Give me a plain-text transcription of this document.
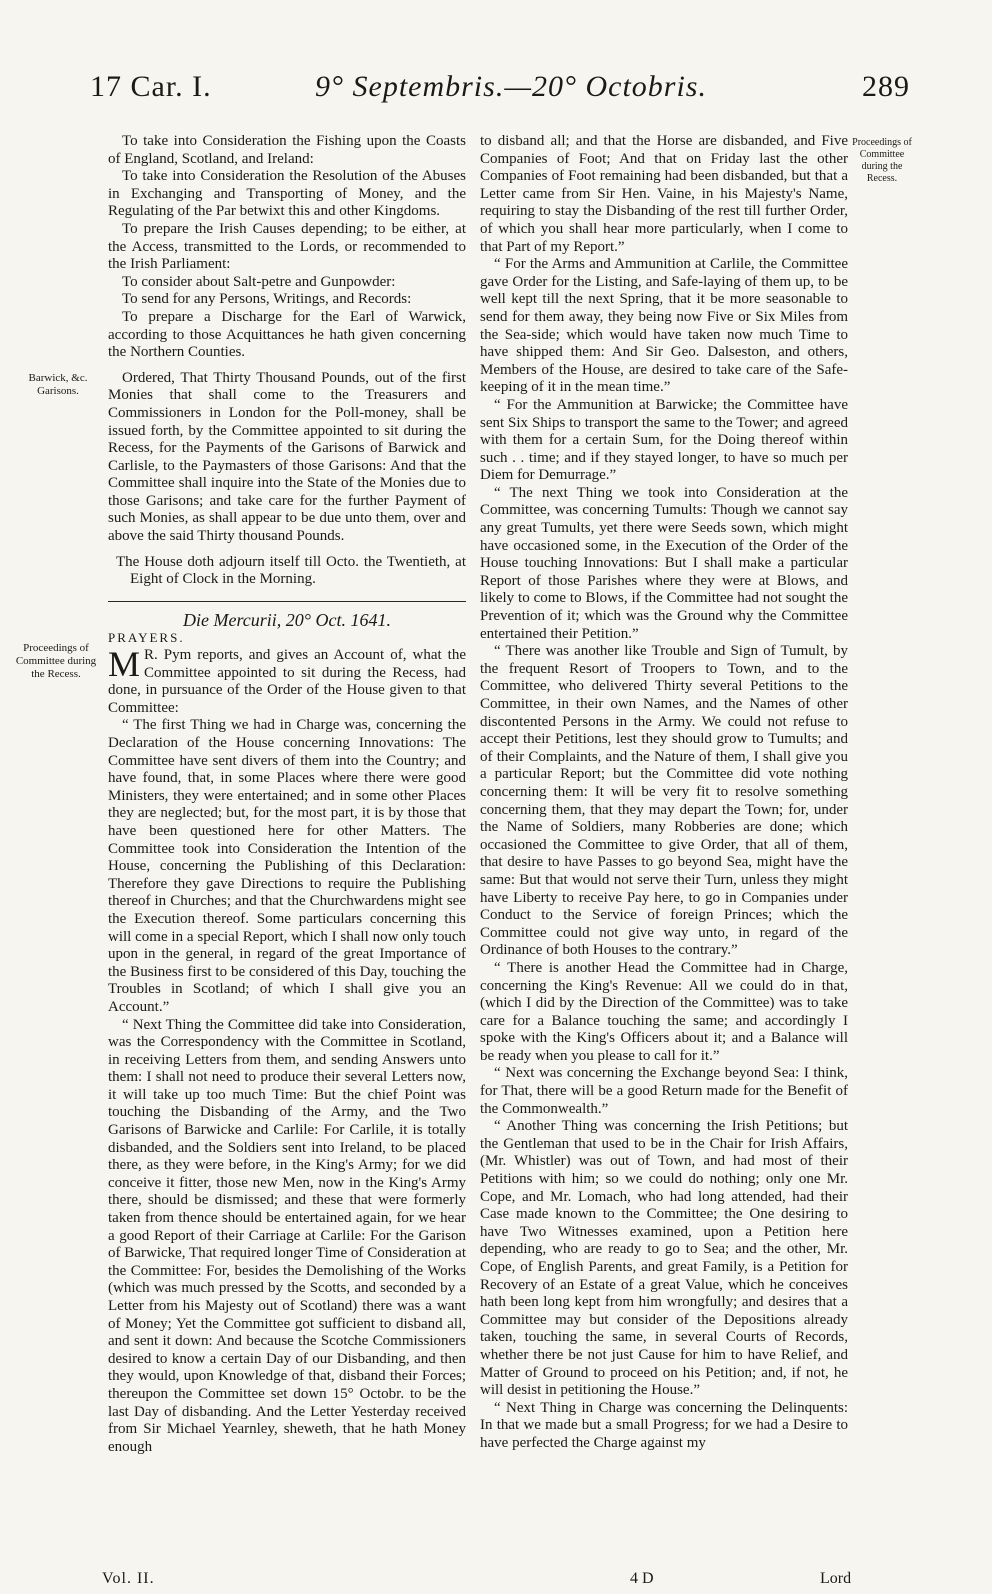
17 Car. I.	9° Septembris.—20° Octobris.	289
Barwick, &c. Garisons.
Proceedings of Committee during the Recess.
Proceedings of Committee during the Recess.

To take into Consideration the Fishing upon the Coasts of England, Scotland, and Ireland:

To take into Consideration the Resolution of the Abuses in Exchanging and Transporting of Money, and the Regulating of the Par betwixt this and other Kingdoms.

To prepare the Irish Causes depending; to be either, at the Access, transmitted to the Lords, or recommended to the Irish Parliament:

To consider about Salt-petre and Gunpowder:

To send for any Persons, Writings, and Records:

To prepare a Discharge for the Earl of Warwick, according to those Acquittances he hath given concerning the Northern Counties.

Ordered, That Thirty Thousand Pounds, out of the first Monies that shall come to the Treasurers and Commissioners in London for the Poll-money, shall be issued forth, by the Committee appointed to sit during the Recess, for the Payments of the Garisons of Barwick and Carlisle, to the Paymasters of those Garisons: And that the Committee shall inquire into the State of the Monies due to those Garisons; and take care for the further Payment of such Monies, as shall appear to be due unto them, over and above the said Thirty thousand Pounds.

The House doth adjourn itself till Octo. the Twentieth, at Eight of Clock in the Morning.

Die Mercurii, 20° Oct. 1641.

PRAYERS.

M R. Pym reports, and gives an Account of, what the Committee appointed to sit during the Recess, had done, in pursuance of the Order of the House given to that Committee:

“ The first Thing we had in Charge was, concerning the Declaration of the House concerning Innovations: The Committee have sent divers of them into the Country; and have found, that, in some Places where there were good Ministers, they were entertained; and in some other Places they are neglected; but, for the most part, it is by those that have been questioned here for other Matters. The Committee took into Consideration the Intention of the House, concerning the Publishing of this Declaration: Therefore they gave Directions to require the Publishing thereof in Churches; and that the Churchwardens might see the Execution thereof. Some particulars concerning this will come in a special Report, which I shall now only touch upon in the general, in regard of the great Importance of the Business first to be considered of this Day, touching the Troubles in Scotland; of which I shall give you an Account.”

“ Next Thing the Committee did take into Consideration, was the Correspondency with the Committee in Scotland, in receiving Letters from them, and sending Answers unto them: I shall not need to produce their several Letters now, it will take up too much Time: But the chief Point was touching the Disbanding of the Army, and the Two Garisons of Barwicke and Carlile: For Carlile, it is totally disbanded, and the Soldiers sent into Ireland, to be placed there, as they were before, in the King's Army; for we did conceive it fitter, those new Men, now in the King's Army there, should be dismissed; and these that were formerly taken from thence should be entertained again, for we hear a good Report of their Carriage at Carlile: For the Garison of Barwicke, That required longer Time of Consideration at the Committee: For, besides the Demolishing of the Works (which was much pressed by the Scotts, and seconded by a Letter from his Majesty out of Scotland) there was a want of Money; Yet the Committee got sufficient to disband all, and sent it down: And because the Scotche Commissioners desired to know a certain Day of our Disbanding, and then they would, upon Knowledge of that, disband their Forces; thereupon the Committee set down 15° Octobr. to be the last Day of disbanding. And the Letter Yesterday received from Sir Michael Yearnley, sheweth, that he hath Money enough

to disband all; and that the Horse are disbanded, and Five Companies of Foot; And that on Friday last the other Companies of Foot remaining had been disbanded, but that a Letter came from Sir Hen. Vaine, in his Majesty's Name, requiring to stay the Disbanding of the rest till further Order, of which you shall hear more particularly, when I come to that Part of my Report.”

“ For the Arms and Ammunition at Carlile, the Committee gave Order for the Listing, and Safe-laying of them up, to be well kept till the next Spring, that it be more seasonable to send for them away, they being now Five or Six Miles from the Sea-side; which would have taken now much Time to have shipped them: And Sir Geo. Dalseston, and others, Members of the House, are desired to take care of the Safe-keeping of it in the mean time.”

“ For the Ammunition at Barwicke; the Committee have sent Six Ships to transport the same to the Tower; and agreed with them for a certain Sum, for the Doing thereof within such . . time; and if they stayed longer, to have so much per Diem for Demurrage.”

“ The next Thing we took into Consideration at the Committee, was concerning Tumults: Though we cannot say any great Tumults, yet there were Seeds sown, which might have occasioned some, in the Execution of the Order of the House touching Innovations: But I shall make a particular Report of those Parishes where they were at Blows, and likely to come to Blows, if the Committee had not sought the Prevention of it; which was the Ground why the Committee entertained their Petition.”

“ There was another like Trouble and Sign of Tumult, by the frequent Resort of Troopers to Town, and to the Committee, who delivered Thirty several Petitions to the Committee, in their own Names, and the Names of other discontented Persons in the Army. We could not refuse to accept their Petitions, lest they should grow to Tumults; and of their Complaints, and the Nature of them, I shall give you a particular Report; but the Committee did vote nothing concerning them: It will be very fit to resolve something concerning them, that they may depart the Town; for, under the Name of Soldiers, many Robberies are done; which occasioned the Committee to give Order, that all of them, that desire to have Passes to go beyond Sea, might have the same: But that would not serve their Turn, unless they might have Liberty to receive Pay here, to go in Companies under Conduct to the Service of foreign Princes; which the Committee could not give way unto, in regard of the Ordinance of both Houses to the contrary.”

“ There is another Head the Committee had in Charge, concerning the King's Revenue: All we could do in that, (which I did by the Direction of the Committee) was to take care for a Balance touching the same; and accordingly I spoke with the King's Officers about it; and a Balance will be ready when you please to call for it.”

“ Next was concerning the Exchange beyond Sea: I think, for That, there will be a good Return made for the Benefit of the Commonwealth.”

“ Another Thing was concerning the Irish Petitions; but the Gentleman that used to be in the Chair for Irish Affairs, (Mr. Whistler) was out of Town, and had most of their Petitions with him; so we could do nothing; only one Mr. Cope, and Mr. Lomach, who had long attended, had their Case made known to the Committee; the One desiring to have Two Witnesses examined, upon a Petition here depending, who are ready to go to Sea; and the other, Mr. Cope, of English Parents, and great Family, is a Petition for Recovery of an Estate of a great Value, which he conceives hath been long kept from him wrongfully; and desires that a Committee may but consider of the Depositions already taken, touching the same, in several Courts of Records, whether there be not just Cause for him to have Relief, and Matter of Ground to proceed on his Petition; and, if not, he will desist in petitioning the House.”

“ Next Thing in Charge was concerning the Delinquents: In that we made but a small Progress; for we had a Desire to have perfected the Charge against my

Vol. II.	4 D	Lord
